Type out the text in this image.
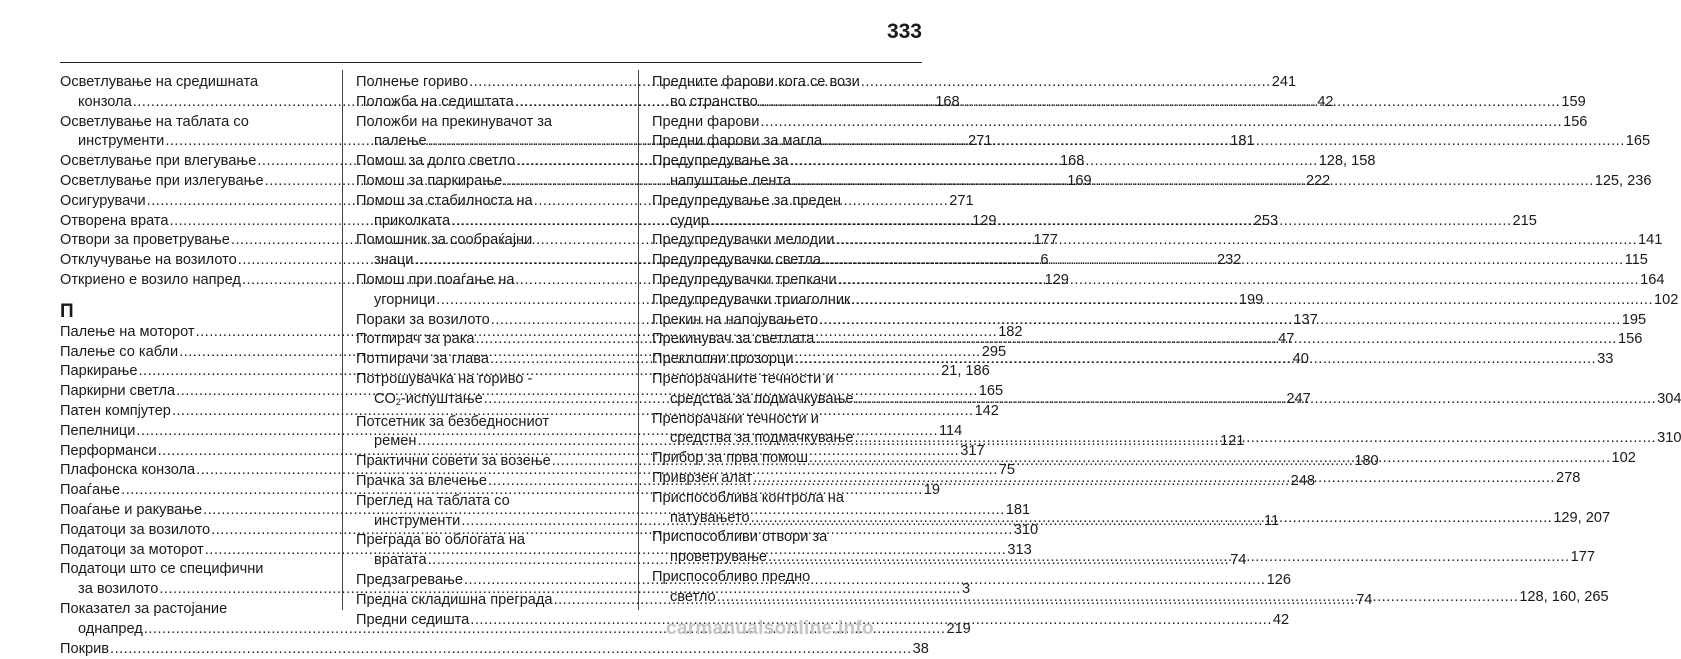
333
Осветлување на средишната
конзола .....	168
Осветлување на таблата со
инструменти .....	271
Осветлување при влегување .....	168
Осветлување при излегување .....	169
Осигурувачи .....	271
Отворена врата .....	129
Отвори за проветрување .....	177
Отклучување на возилото .....	6
Откриено е возило напред .....	129
П
Палење на моторот .....	182
Палење со кабли .....	295
Паркирање .....	21, 186
Паркирни светла .....	165
Патен компјутер .....	142
Пепелници .....	114
Перформанси .....	317
Плафонска конзола .....	75
Поаѓање .....	19
Поаѓање и ракување .....	181
Податоци за возилото .....	310
Податоци за моторот .....	313
Податоци што се специфични
за возилото .....	3
Показател за растојание
однапред .....	219
Покрив .....	38
Полнење гориво .....	241
Положба на седиштата .....	42
Положби на прекинувачот за
палење .....	181
Помош за долго светло .....	128, 158
Помош за паркирање .....	222
Помош за стабилноста на
приколката .....	253
Помошник за сообраќајни
знаци .....	232
Помош при поаѓање на
угорници .....	199
Пораки за возилото .....	137
Потпирач за рака .....	47
Потпирачи за глава .....	40
Потрошувачка на гориво -
$CO_2$-испуштање .....	247
Потсетник за безбедносниот
ремен .....	121
Практични совети за возење .....	180
Прачка за влечење .....	248
Преглед на таблата со
инструменти .....	11
Преграда во облогата на
вратата .....	74
Предзагревање .....	126
Предна складишна преграда .....	74
Предни седишта .....	42
Предните фарови кога се вози
во странство .....	159
Предни фарови .....	156
Предни фарови за магла .....	165
Предупредување за
напуштање лента .....	125, 236
Предупредување за преден
судир .....	215
Предупредувачки мелодии .....	141
Предупредувачки светла .....	115
Предупредувачки трепкачи .....	164
Предупредувачки триаголник .....	102
Прекин на напојувањето .....	195
Прекинувач за светлата .....	156
Преклопни прозорци .....	33
Препорачаните течности и
средства за подмачкување .....	304
Препорачани течности и
средства за подмачкување .....	310
Прибор за прва помош .....	102
Приврзен алат .....	278
Приспособлива контрола на
патувањето .....	129, 207
Приспособливи отвори за
проветрување .....	177
Приспособливо предно
светло .....	128, 160, 265
carmanualsonline.info
